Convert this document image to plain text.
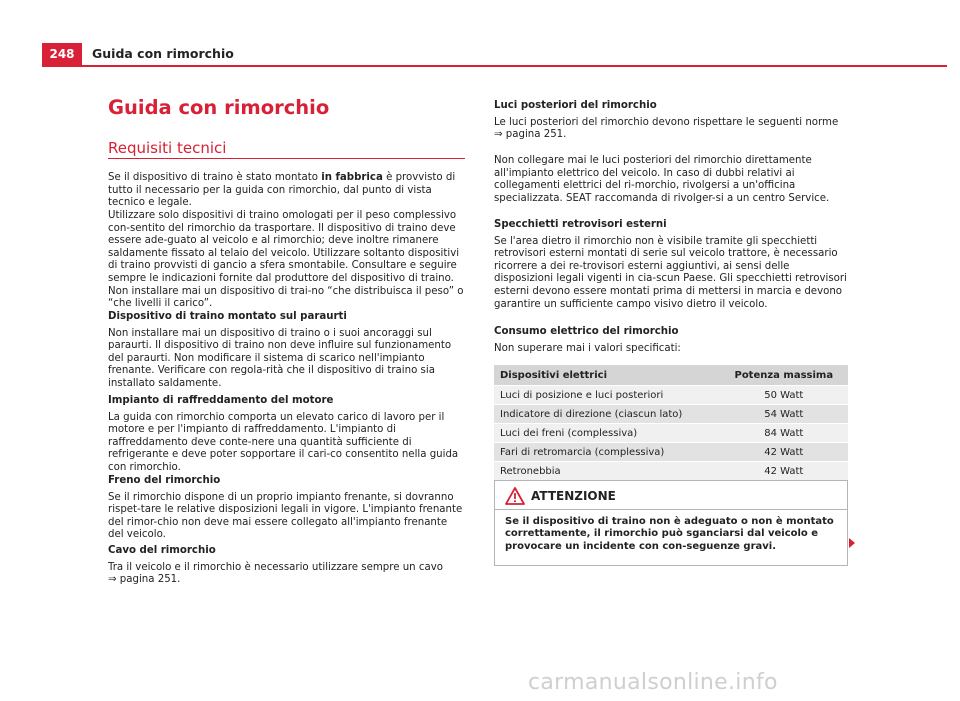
248	Guida con rimorchio
Guida con rimorchio
Requisiti tecnici

Se il dispositivo di traino è stato montato in fabbrica è provvisto di tutto il necessario per la guida con rimorchio, dal punto di vista tecnico e legale.

Utilizzare solo dispositivi di traino omologati per il peso complessivo con-sentito del rimorchio da trasportare. Il dispositivo di traino deve essere ade-guato al veicolo e al rimorchio; deve inoltre rimanere saldamente fissato al telaio del veicolo. Utilizzare soltanto dispositivi di traino provvisti di gancio a sfera smontabile. Consultare e seguire sempre le indicazioni fornite dal produttore del dispositivo di traino. Non installare mai un dispositivo di trai-no “che distribuisca il peso” o “che livelli il carico”.

Dispositivo di traino montato sul paraurti

Non installare mai un dispositivo di traino o i suoi ancoraggi sul paraurti. Il dispositivo di traino non deve influire sul funzionamento del paraurti. Non modificare il sistema di scarico nell'impianto frenante. Verificare con regola-rità che il dispositivo di traino sia installato saldamente.

Impianto di raffreddamento del motore

La guida con rimorchio comporta un elevato carico di lavoro per il motore e per l'impianto di raffreddamento. L'impianto di raffreddamento deve conte-nere una quantità sufficiente di refrigerante e deve poter sopportare il cari-co consentito nella guida con rimorchio.

Freno del rimorchio

Se il rimorchio dispone di un proprio impianto frenante, si dovranno rispet-tare le relative disposizioni legali in vigore. L'impianto frenante del rimor-chio non deve mai essere collegato all'impianto frenante del veicolo.

Cavo del rimorchio

Tra il veicolo e il rimorchio è necessario utilizzare sempre un cavo

⇒ pagina 251.

Luci posteriori del rimorchio

Le luci posteriori del rimorchio devono rispettare le seguenti norme

⇒ pagina 251.

Non collegare mai le luci posteriori del rimorchio direttamente all'impianto elettrico del veicolo. In caso di dubbi relativi ai collegamenti elettrici del ri-morchio, rivolgersi a un'officina specializzata. SEAT raccomanda di rivolger-si a un centro Service.

Specchietti retrovisori esterni

Se l'area dietro il rimorchio non è visibile tramite gli specchietti retrovisori esterni montati di serie sul veicolo trattore, è necessario ricorrere a dei re-trovisori esterni aggiuntivi, ai sensi delle disposizioni legali vigenti in cia-scun Paese. Gli specchietti retrovisori esterni devono essere montati prima di mettersi in marcia e devono garantire un sufficiente campo visivo dietro il veicolo.

Consumo elettrico del rimorchio

Non superare mai i valori specificati:

Dispositivi elettrici	Potenza massima
Luci di posizione e luci posteriori	50 Watt
Indicatore di direzione (ciascun lato)	54 Watt
Luci dei freni (complessiva)	84 Watt
Fari di retromarcia (complessiva)	42 Watt
Retronebbia	42 Watt
ATTENZIONE
Se il dispositivo di traino non è adeguato o non è montato correttamente, il rimorchio può sganciarsi dal veicolo e provocare un incidente con con-seguenze gravi.
carmanualsonline.info
